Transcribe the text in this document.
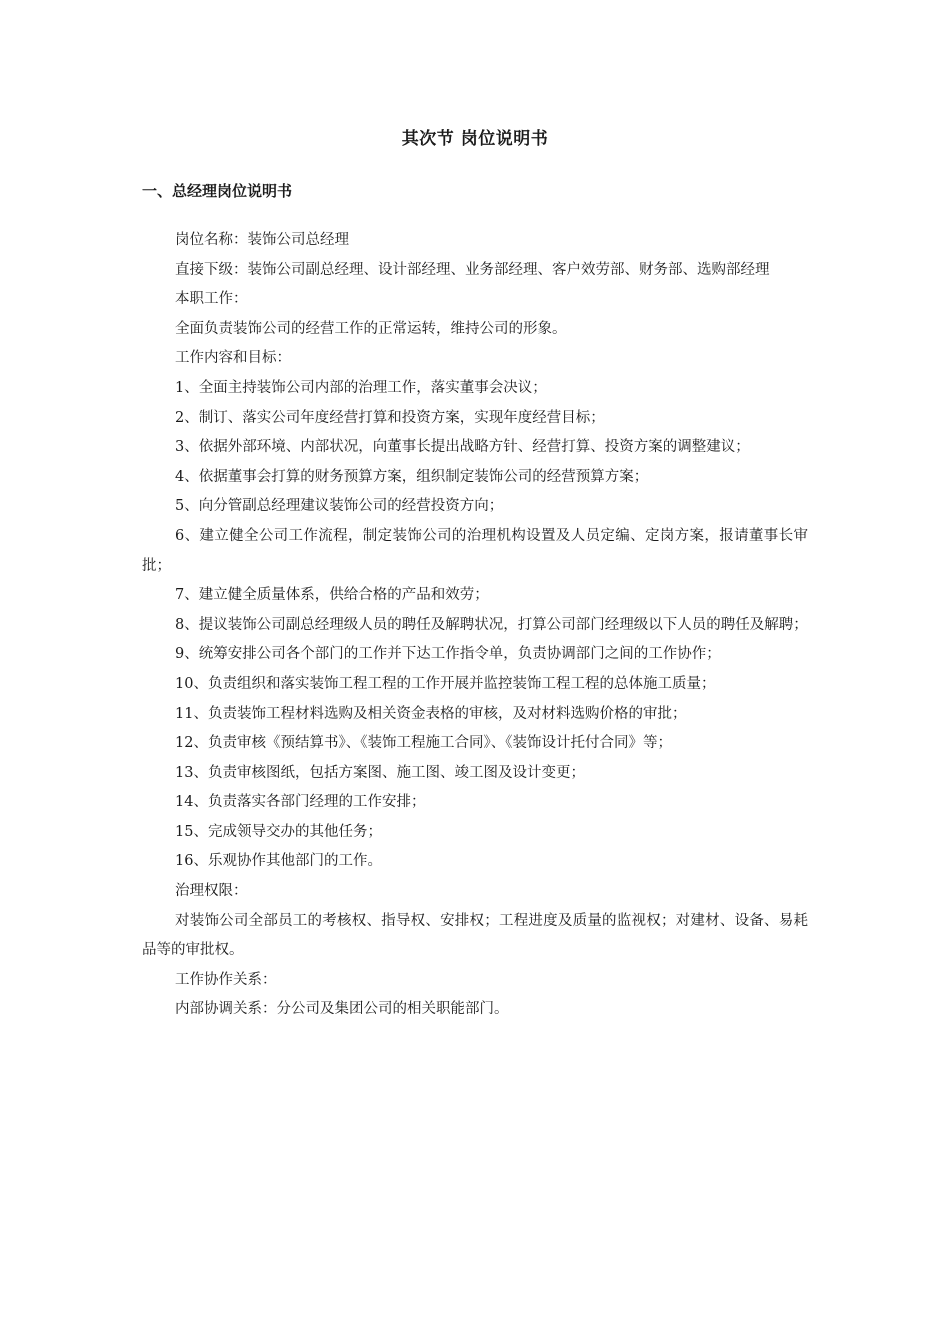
其次节 岗位说明书
一、总经理岗位说明书

岗位名称：装饰公司总经理

直接下级：装饰公司副总经理、设计部经理、业务部经理、客户效劳部、财务部、选购部经理

本职工作：

全面负责装饰公司的经营工作的正常运转，维持公司的形象。

工作内容和目标：

1、全面主持装饰公司内部的治理工作，落实董事会决议；

2、制订、落实公司年度经营打算和投资方案，实现年度经营目标；

3、依据外部环境、内部状况，向董事长提出战略方针、经营打算、投资方案的调整建议；

4、依据董事会打算的财务预算方案，组织制定装饰公司的经营预算方案；

5、向分管副总经理建议装饰公司的经营投资方向；

6、建立健全公司工作流程，制定装饰公司的治理机构设置及人员定编、定岗方案，报请董事长审批；

7、建立健全质量体系，供给合格的产品和效劳；

8、提议装饰公司副总经理级人员的聘任及解聘状况，打算公司部门经理级以下人员的聘任及解聘；

9、统筹安排公司各个部门的工作并下达工作指令单，负责协调部门之间的工作协作；

10、负责组织和落实装饰工程工程的工作开展并监控装饰工程工程的总体施工质量；

11、负责装饰工程材料选购及相关资金表格的审核，及对材料选购价格的审批；

12、负责审核《预结算书》、《装饰工程施工合同》、《装饰设计托付合同》等；

13、负责审核图纸，包括方案图、施工图、竣工图及设计变更；

14、负责落实各部门经理的工作安排；

15、完成领导交办的其他任务；

16、乐观协作其他部门的工作。

治理权限：

对装饰公司全部员工的考核权、指导权、安排权；工程进度及质量的监视权；对建材、设备、易耗品等的审批权。

工作协作关系：

内部协调关系：分公司及集团公司的相关职能部门。
